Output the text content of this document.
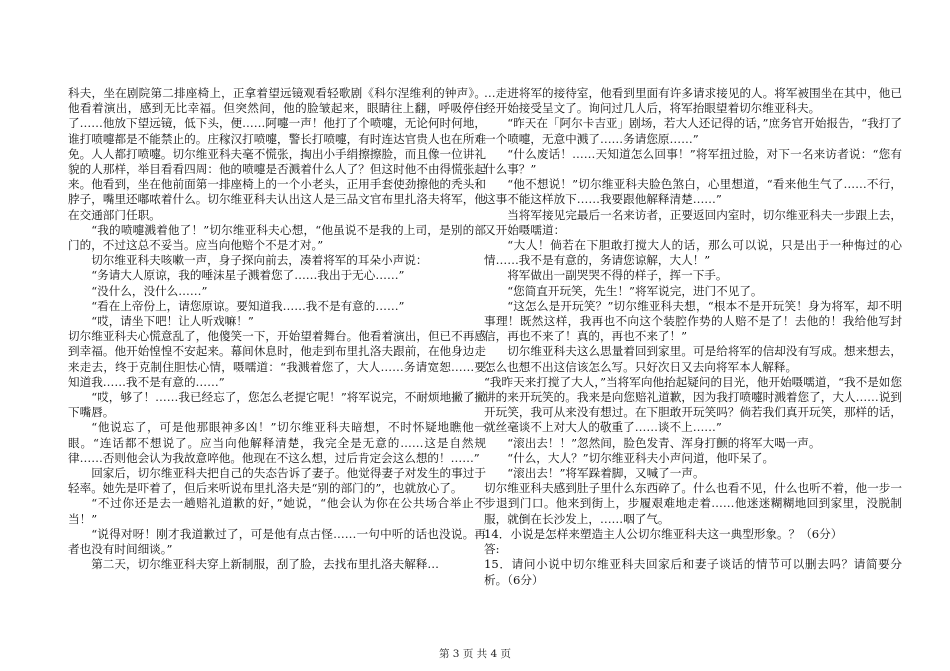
科夫，坐在剧院第二排座椅上，正拿着望远镜观看轻歌剧《科尔涅维利的钟声》。他看着演出，感到无比幸福。但突然间，他的脸皱起来，眼睛往上翻，呼吸停住了……他放下望远镜，低下头，便……阿嚏一声！他打了个喷嚏，无论何时何地，谁打喷嚏都是不能禁止的。庄稼汉打喷嚏，警长打喷嚏，有时连达官贵人也在所难免。人人都打喷嚏。切尔维亚科夫毫不慌张，掏出小手绢擦擦脸，而且像一位讲礼貌的人那样，举目看看四周：他的喷嚏是否溅着什么人了？但这时他不由得慌张起来。他看到，坐在他前面第一排座椅上的一个小老头，正用手套使劲擦他的秃头和脖子，嘴里还嘟哝着什么。切尔维亚科夫认出这人是三品文官布里扎洛夫将军，他在交通部门任职。

“我的喷嚏溅着他了！”切尔维亚科夫心想，“他虽说不是我的上司，是别的部门的，不过这总不妥当。应当向他赔个不是才对。”

切尔维亚科夫咳嗽一声，身子探向前去，凑着将军的耳朵小声说：

“务请大人原谅，我的唾沫星子溅着您了……我出于无心……”

“没什么，没什么……”

“看在上帝份上，请您原谅。要知道我……我不是有意的……”

“哎，请坐下吧！让人听戏嘛！”

切尔维亚科夫心慌意乱了，他傻笑一下，开始望着舞台。他看着演出，但已不再感到幸福。他开始惶惶不安起来。幕间休息时，他走到布里扎洛夫跟前，在他身边走来走去，终于克制住胆怯心情，嗫嚅道：“我溅着您了，大人……务请宽恕……要知道我……我不是有意的……”

“哎，够了！……我已经忘了，您怎么老提它呢！”将军说完，不耐烦地撇了撇下嘴唇。

“他说忘了，可是他那眼神多凶！”切尔维亚科夫暗想，不时怀疑地瞧他一眼。“连话都不想说了。应当向他解释清楚，我完全是无意的……这是自然规律……否则他会认为我故意啐他。他现在不这么想，过后肯定会这么想的！……”

回家后，切尔维亚科夫把自己的失态告诉了妻子。他觉得妻子对发生的事过于轻率。她先是吓着了，但后来听说布里扎洛夫是“别的部门的”，也就放心了。

“不过你还是去一趟赔礼道歉的好，”她说，“他会认为你在公共场合举止不当！”

“说得对呀！刚才我道歉过了，可是他有点古怪……一句中听的话也没说。再者也没有时间细谈。”

第二天，切尔维亚科夫穿上新制服，刮了脸，去找布里扎洛夫解释…

…走进将军的接待室，他看到里面有许多请求接见的人。将军被围坐在其中，他已经开始接受呈文了。询问过几人后，将军抬眼望着切尔维亚科夫。

“昨天在「阿尔卡吉亚」剧场，若大人还记得的话，”庶务官开始报告，“我打了一个喷嚏，无意中溅了……务请您原……”

“什么废话！……天知道怎么回事！”将军扭过脸，对下一名来访者说：“您有什么事？”

“他不想说！”切尔维亚科夫脸色煞白，心里想道，“看来他生气了……不行，这事不能这样放下……我要跟他解释清楚……”

当将军接见完最后一名来访者，正要返回内室时，切尔维亚科夫一步跟上去，又开始嗫嚅道：

“大人！倘若在下胆敢打搅大人的话，那么可以说，只是出于一种悔过的心情……我不是有意的，务请您谅解，大人！”

将军做出一副哭哭不得的样子，挥一下手。

“您简直开玩笑，先生！”将军说完，进门不见了。

“这怎么是开玩笑？”切尔维亚科夫想，“根本不是开玩笑！身为将军，却不明事理！既然这样，我再也不向这个装腔作势的人赔不是了！去他的！我给他写封信，再也不来了！真的，再也不来了！”

切尔维亚科夫这么思量着回到家里。可是给将军的信却没有写成。想来想去，怎么也想不出这信该怎么写。只好次日又去向将军本人解释。

“我昨天来打搅了大人，”当将军向他抬起疑问的目光，他开始嗫嚅道，“我不是如您讲的来开玩笑的。我来是向您赔礼道歉，因为我打喷嚏时溅着您了，大人……说到开玩笑，我可从来没有想过。在下胆敢开玩笑吗？倘若我们真开玩笑，那样的话，就丝毫谈不上对大人的敬重了……谈不上……”

“滚出去！！”忽然间，脸色发青、浑身打颤的将军大喝一声。

“什么，大人？”切尔维亚科夫小声问道，他吓呆了。

“滚出去！”将军跺着脚，又喊了一声。

切尔维亚科夫感到肚子里什么东西碎了。什么也看不见，什么也听不着，他一步一步退到门口。他来到街上，步履艰难地走着……他迷迷糊糊地回到家里，没脱制服，就倒在长沙发上，……咽了气。

14．小说是怎样来塑造主人公切尔维亚科夫这一典型形象。？（6分）

答:

15．请问小说中切尔维亚科夫回家后和妻子谈话的情节可以删去吗？请简要分析。（6分）

第 3 页 共 4 页
